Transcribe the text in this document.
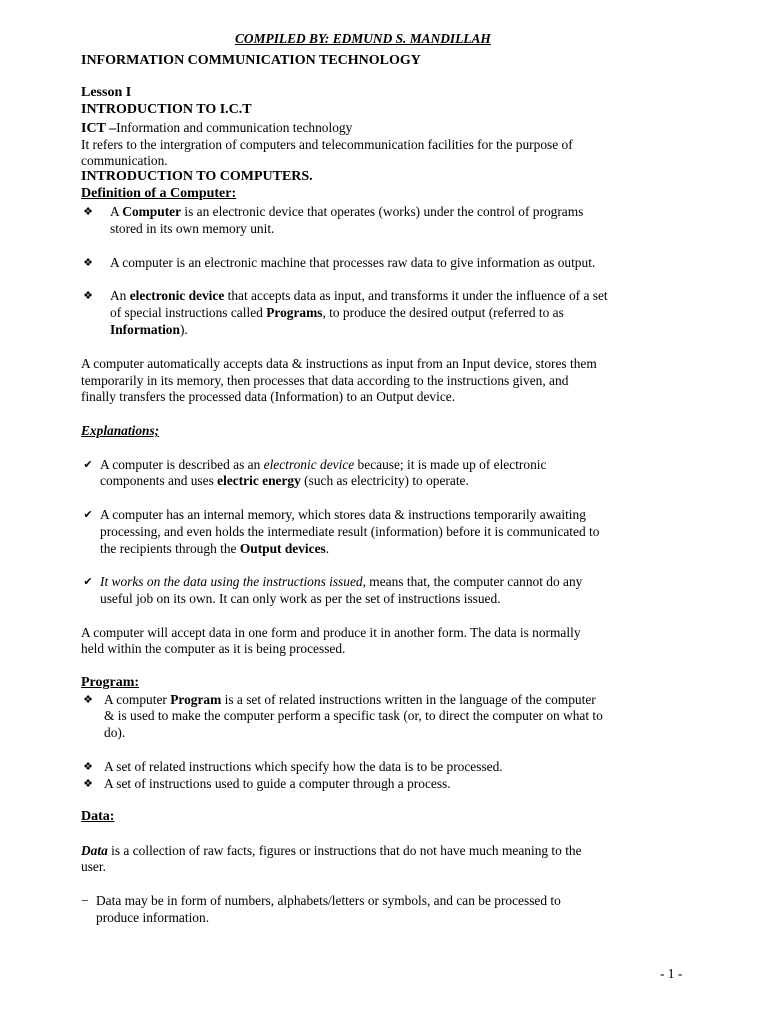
COMPILED BY: EDMUND S. MANDILLAH
INFORMATION COMMUNICATION TECHNOLOGY
Lesson I
INTRODUCTION TO I.C.T
ICT –Information and communication technology
It refers to the intergration of computers and telecommunication facilities for the purpose of
communication.
INTRODUCTION TO COMPUTERS.
Definition of a Computer:
❖ A Computer is an electronic device that operates (works) under the control of programs
stored in its own memory unit.
❖ A computer is an electronic machine that processes raw data to give information as output.
❖ An electronic device that accepts data as input, and transforms it under the influence of a set
of special instructions called Programs, to produce the desired output (referred to as
Information).
A computer automatically accepts data & instructions as input from an Input device, stores them
temporarily in its memory, then processes that data according to the instructions given, and
finally transfers the processed data (Information) to an Output device.
Explanations;
✔ A computer is described as an electronic device because; it is made up of electronic
components and uses electric energy (such as electricity) to operate.
✔ A computer has an internal memory, which stores data & instructions temporarily awaiting
processing, and even holds the intermediate result (information) before it is communicated to
the recipients through the Output devices.
✔ It works on the data using the instructions issued, means that, the computer cannot do any
useful job on its own. It can only work as per the set of instructions issued.
A computer will accept data in one form and produce it in another form. The data is normally
held within the computer as it is being processed.
Program:
❖ A computer Program is a set of related instructions written in the language of the computer
& is used to make the computer perform a specific task (or, to direct the computer on what to
do).
❖ A set of related instructions which specify how the data is to be processed.
❖ A set of instructions used to guide a computer through a process.
Data:
Data is a collection of raw facts, figures or instructions that do not have much meaning to the
user.
− Data may be in form of numbers, alphabets/letters or symbols, and can be processed to
produce information.
- 1 -
